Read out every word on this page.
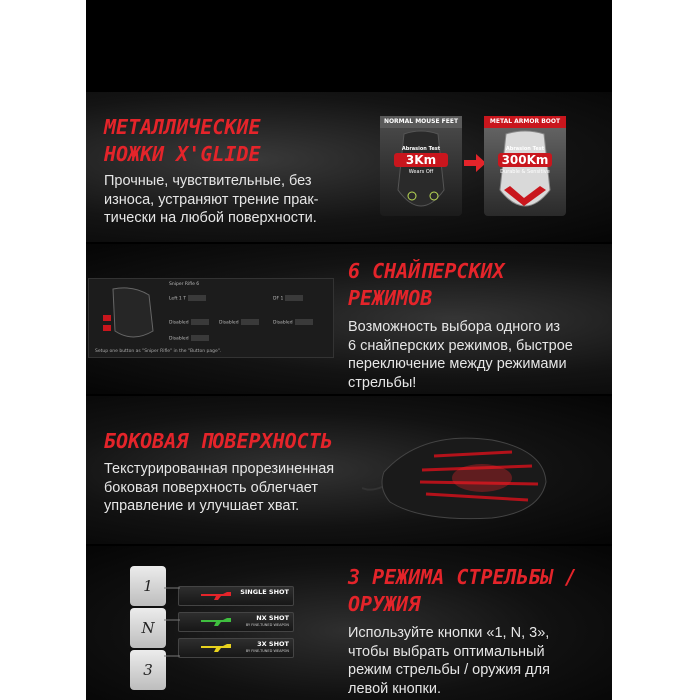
МЕТАЛЛИЧЕСКИЕ
НОЖКИ X'GLIDE

Прочные, чувствительные, без
износа, устраняют трение прак-
тически на любой поверхности.

NORMAL MOUSE FEET
Abrasion Test
3Km
Wears Off
METAL ARMOR BOOT
Abrasion Test
300Km
Durable & Sensitive
Sniper Rifle 6
Left 1 T	DF 1
Disabled	Disabled	Disabled
Disabled
Setup one button as "Sniper Rifle" in the "Button page".
6 СНАЙПЕРСКИХ
РЕЖИМОВ

Возможность выбора одного из
6 снайперских режимов, быстрое
переключение между режимами
стрельбы!

БОКОВАЯ ПОВЕРХНОСТЬ

Текстурированная прорезиненная
боковая поверхность облегчает
управление и улучшает хват.

1
N
3
SINGLE SHOT
NX SHOT
BY FINE-TUNED WEAPON
3X SHOT
BY FINE-TUNED WEAPON
3 РЕЖИМА СТРЕЛЬБЫ /
ОРУЖИЯ

Используйте кнопки «1, N, 3»,
чтобы выбрать оптимальный
режим стрельбы / оружия для
левой кнопки.
